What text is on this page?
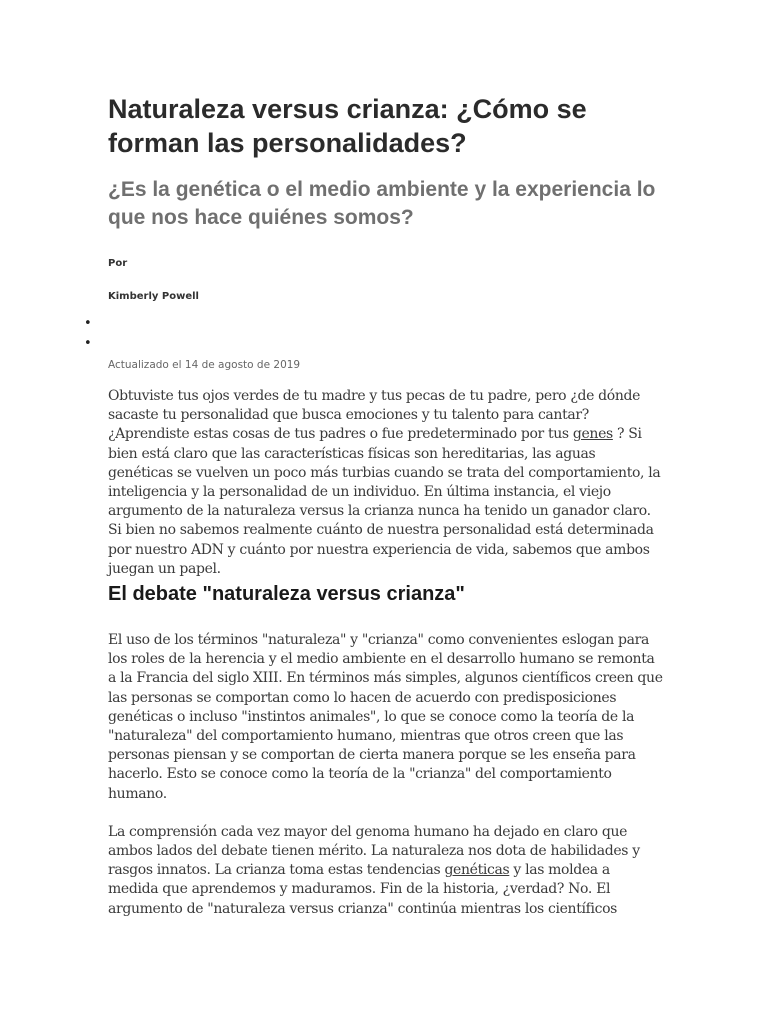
Naturaleza versus crianza: ¿Cómo se forman las personalidades?
¿Es la genética o el medio ambiente y la experiencia lo que nos hace quiénes somos?
Por
Kimberly Powell
•
•
Actualizado el 14 de agosto de 2019

Obtuviste tus ojos verdes de tu madre y tus pecas de tu padre, pero ¿de dónde sacaste tu personalidad que busca emociones y tu talento para cantar? ¿Aprendiste estas cosas de tus padres o fue predeterminado por tus genes ? Si bien está claro que las características físicas son hereditarias, las aguas genéticas se vuelven un poco más turbias cuando se trata del comportamiento, la inteligencia y la personalidad de un individuo. En última instancia, el viejo argumento de la naturaleza versus la crianza nunca ha tenido un ganador claro. Si bien no sabemos realmente cuánto de nuestra personalidad está determinada por nuestro ADN y cuánto por nuestra experiencia de vida, sabemos que ambos juegan un papel.

El debate "naturaleza versus crianza"

El uso de los términos "naturaleza" y "crianza" como convenientes eslogan para los roles de la herencia y el medio ambiente en el desarrollo humano se remonta a la Francia del siglo XIII. En términos más simples, algunos científicos creen que las personas se comportan como lo hacen de acuerdo con predisposiciones genéticas o incluso "instintos animales", lo que se conoce como la teoría de la "naturaleza" del comportamiento humano, mientras que otros creen que las personas piensan y se comportan de cierta manera porque se les enseña para hacerlo. Esto se conoce como la teoría de la "crianza" del comportamiento humano.

La comprensión cada vez mayor del genoma humano ha dejado en claro que ambos lados del debate tienen mérito. La naturaleza nos dota de habilidades y rasgos innatos. La crianza toma estas tendencias genéticas y las moldea a medida que aprendemos y maduramos. Fin de la historia, ¿verdad? No. El argumento de "naturaleza versus crianza" continúa mientras los científicos
